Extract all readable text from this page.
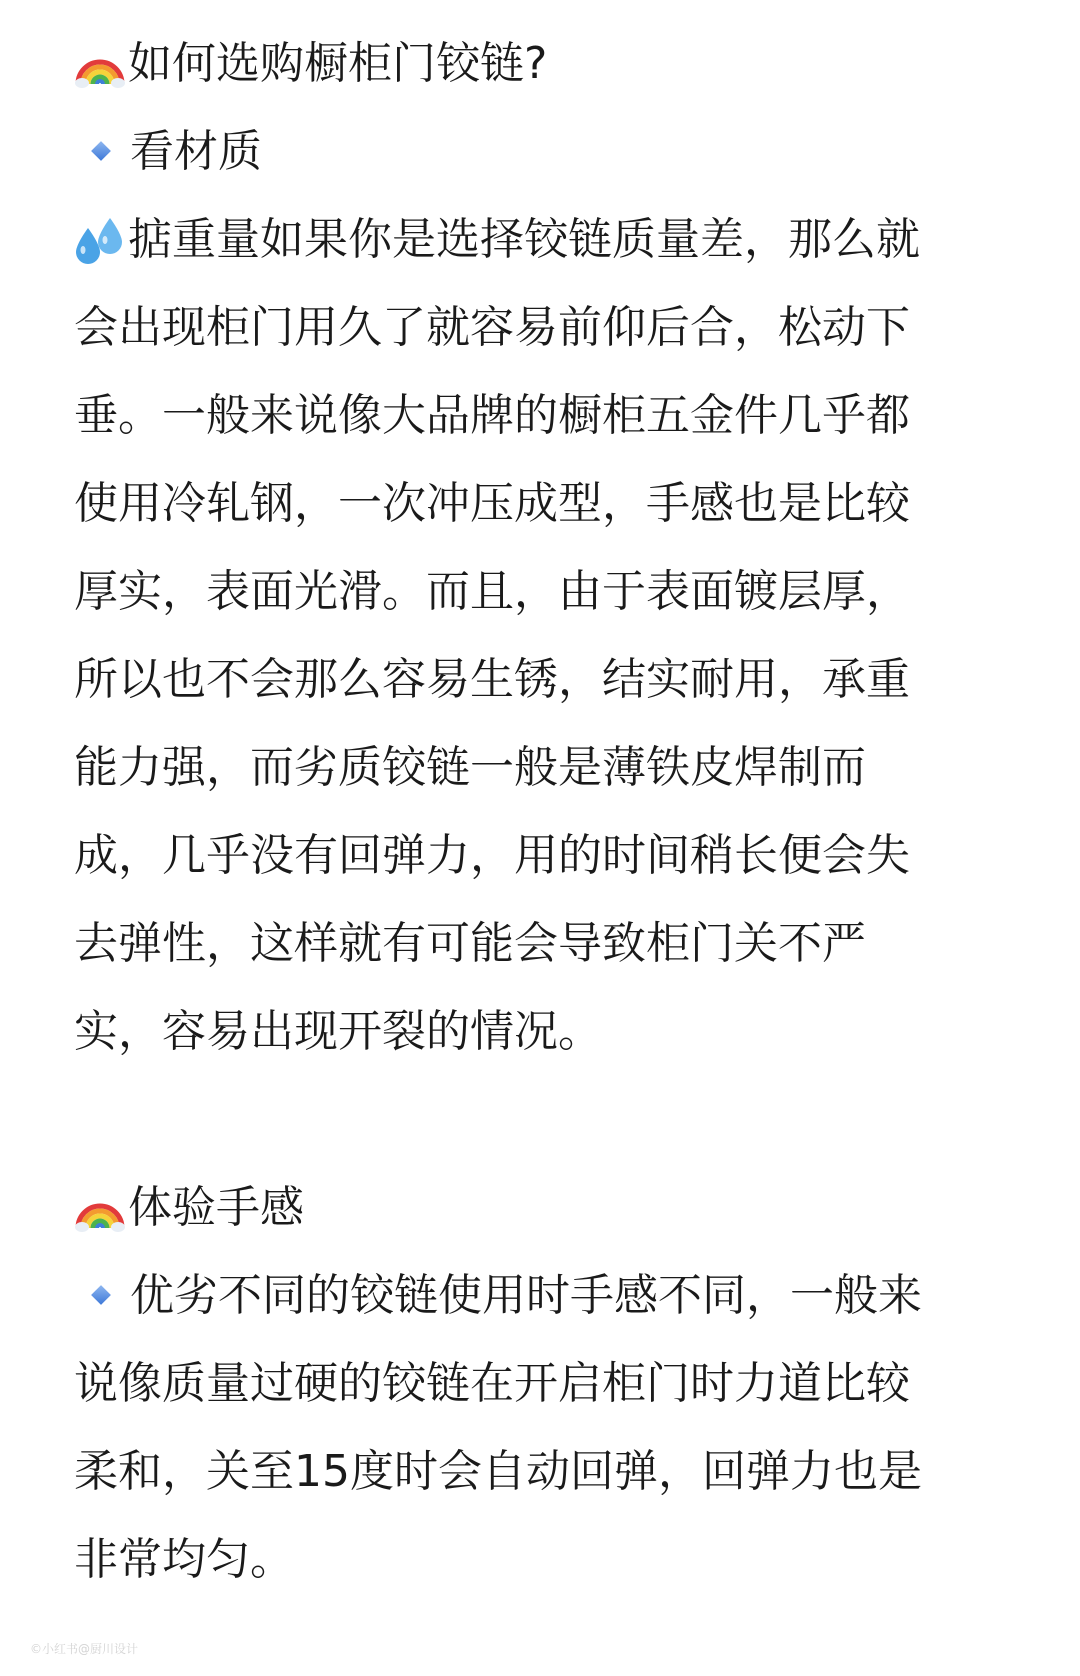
如何选购橱柜门铰链?
看材质
掂重量如果你是选择铰链质量差，那么就
会出现柜门用久了就容易前仰后合，松动下
垂。一般来说像大品牌的橱柜五金件几乎都
使用冷轧钢，一次冲压成型，手感也是比较
厚实，表面光滑。而且，由于表面镀层厚，
所以也不会那么容易生锈，结实耐用，承重
能力强，而劣质铰链一般是薄铁皮焊制而
成，几乎没有回弹力，用的时间稍长便会失
去弹性，这样就有可能会导致柜门关不严
实，容易出现开裂的情况。
体验手感
优劣不同的铰链使用时手感不同，一般来
说像质量过硬的铰链在开启柜门时力道比较
柔和，关至15度时会自动回弹，回弹力也是
非常均匀。
©小红书@厨川设计
